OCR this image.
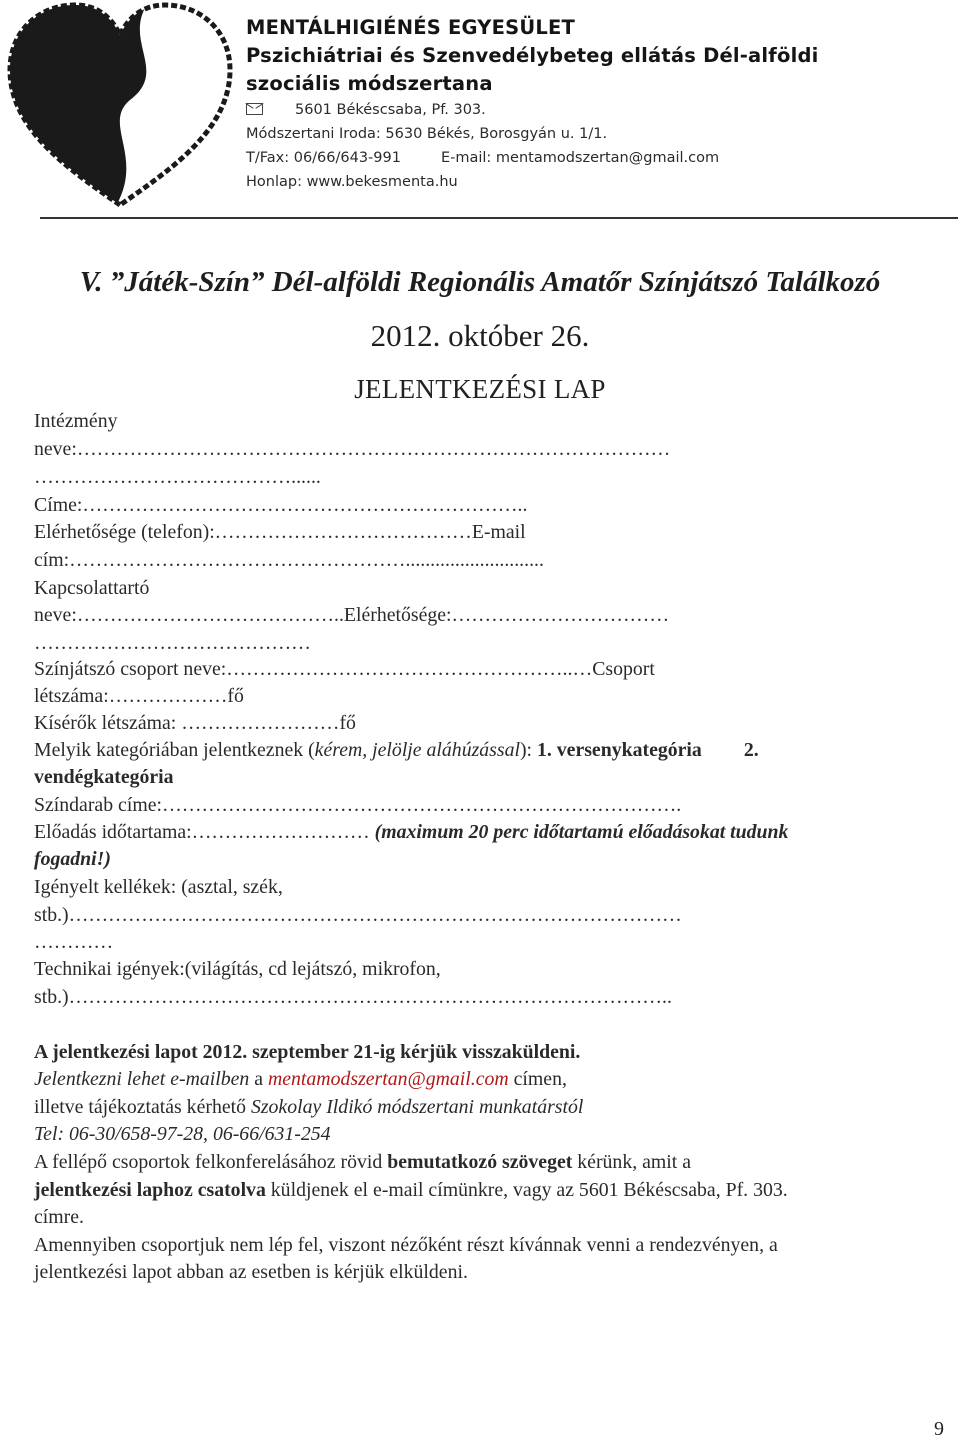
MENTÁLHIGIÉNÉS EGYESÜLET
Pszichiátriai és Szenvedélybeteg ellátás Dél-alföldi
szociális módszertana
5601 Békéscsaba, Pf. 303.
Módszertani Iroda: 5630 Békés, Borosgyán u. 1/1.
T/Fax: 06/66/643-991	E-mail: mentamodszertan@gmail.com
Honlap: www.bekesmenta.hu
V. ”Játék-Szín” Dél-alföldi Regionális Amatőr Színjátszó Találkozó
2012. október 26.
JELENTKEZÉSI LAP
Intézmény
neve:………………………………………………………………………………
…………………………………......
Címe:…………………………………………………………..
Elérhetősége (telefon):…………………………………E-mail
cím:……………………………………………............................
Kapcsolattartó
neve:…………………………………..Elérhetősége:……………………………
……………………………………
Színjátszó csoport neve:……………………………………………..…Csoport
létszáma:………………fő
Kísérők létszáma: ……………………fő
Melyik kategóriában jelentkeznek (kérem, jelölje aláhúzással): 1. versenykategória 2.
vendégkategória
Színdarab címe:…………………………………………………………………….
Előadás időtartama:……………………… (maximum 20 perc időtartamú előadásokat tudunk
fogadni!)
Igényelt kellékek: (asztal, szék,
stb.)…………………………………………………………………………………
…………
Technikai igények:(világítás, cd lejátszó, mikrofon,
stb.)………………………………………………………………………………..
A jelentkezési lapot 2012. szeptember 21-ig kérjük visszaküldeni.
Jelentkezni lehet e-mailben a mentamodszertan@gmail.com címen,
illetve tájékoztatás kérhető Szokolay Ildikó módszertani munkatárstól
Tel: 06-30/658-97-28, 06-66/631-254
A fellépő csoportok felkonferelásához rövid bemutatkozó szöveget kérünk, amit a
jelentkezési laphoz csatolva küldjenek el e-mail címünkre, vagy az 5601 Békéscsaba, Pf. 303.
címre.
Amennyiben csoportjuk nem lép fel, viszont nézőként részt kívánnak venni a rendezvényen, a
jelentkezési lapot abban az esetben is kérjük elküldeni.
9
